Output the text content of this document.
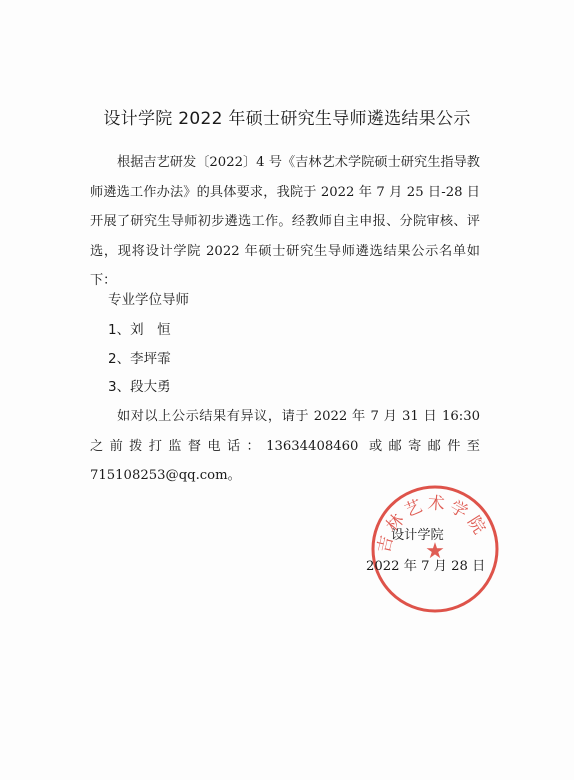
设计学院 2022 年硕士研究生导师遴选结果公示
根据吉艺研发〔2022〕4 号《吉林艺术学院硕士研究生指导教师遴选工作办法》的具体要求，我院于 2022 年 7 月 25 日-28 日开展了研究生导师初步遴选工作。经教师自主申报、分院审核、评选，现将设计学院 2022 年硕士研究生导师遴选结果公示名单如下：
专业学位导师
1、刘　恒
2、李坪霏
3、段大勇
如对以上公示结果有异议，请于 2022 年 7 月 31 日 16:30 之前拨打监督电话：13634408460 或邮寄邮件至 715108253@qq.com。
吉林艺术学院
★
设计学院
2022 年 7 月 28 日
